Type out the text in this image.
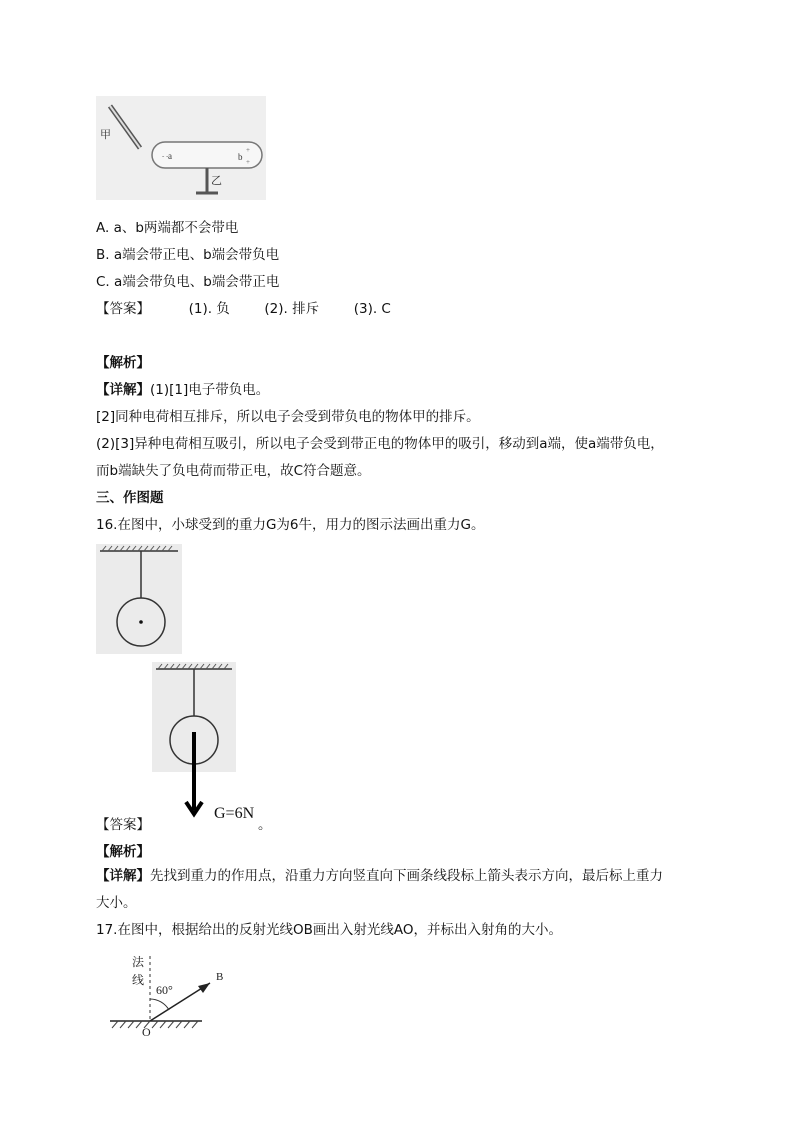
- -
+
+
a	b
甲
乙
A. a、b两端都不会带电
B. a端会带正电、b端会带负电
C. a端会带负电、b端会带正电
【答案】	(1). 负	(2). 排斥	(3). C
【解析】
【详解】(1)[1]电子带负电。
[2]同种电荷相互排斥，所以电子会受到带负电的物体甲的排斥。
(2)[3]异种电荷相互吸引，所以电子会受到带正电的物体甲的吸引，移动到a端，使a端带负电，
而b端缺失了负电荷而带正电，故C符合题意。
三、作图题
16.在图中，小球受到的重力G为6牛，用力的图示法画出重力G。
G=6N
【答案】	。
【解析】
【详解】先找到重力的作用点，沿重力方向竖直向下画条线段标上箭头表示方向，最后标上重力
大小。
17.在图中，根据给出的反射光线OB画出入射光线AO，并标出入射角的大小。
法
线
60°
B
O
